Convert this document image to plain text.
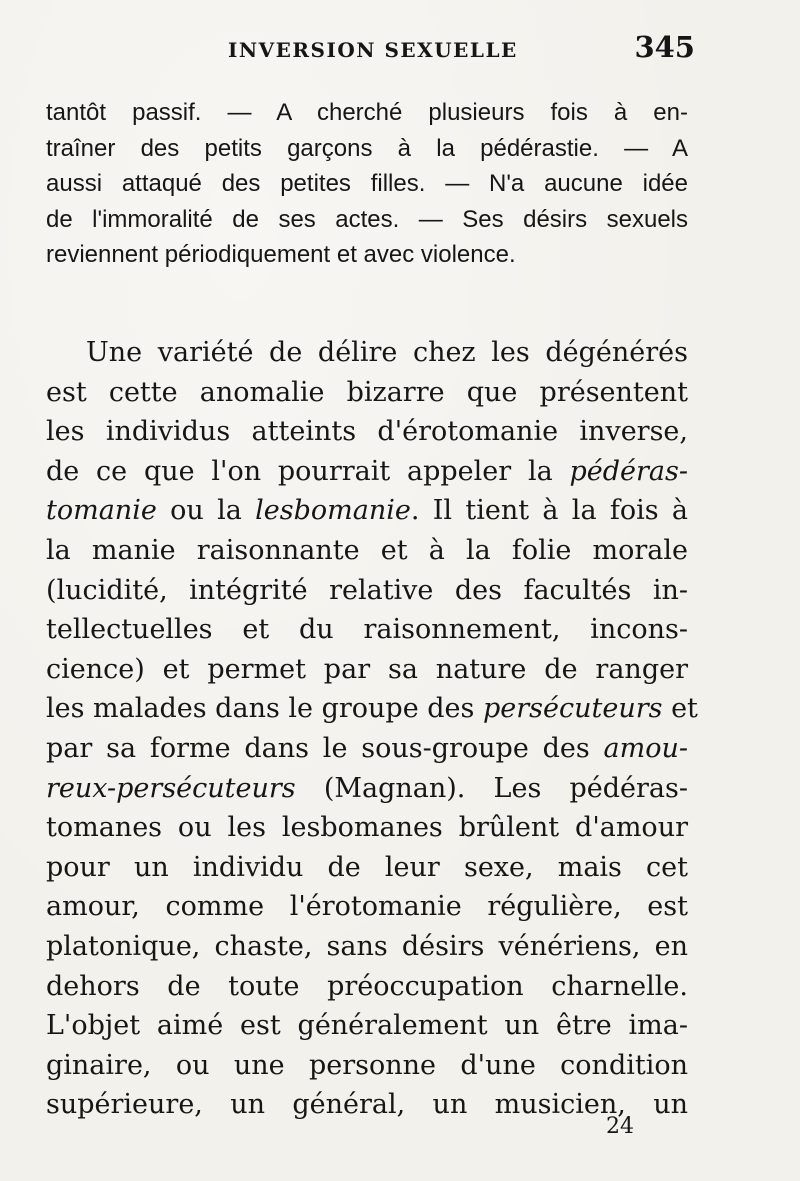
INVERSION SEXUELLE	345
tantôt passif. — A cherché plusieurs fois à en-
traîner des petits garçons à la pédérastie. — A
aussi attaqué des petites filles. — N'a aucune idée
de l'immoralité de ses actes. — Ses désirs sexuels
reviennent périodiquement et avec violence.
Une variété de délire chez les dégénérés
est cette anomalie bizarre que présentent
les individus atteints d'érotomanie inverse,
de ce que l'on pourrait appeler la pédéras-
tomanie ou la lesbomanie. Il tient à la fois à
la manie raisonnante et à la folie morale
(lucidité, intégrité relative des facultés in-
tellectuelles et du raisonnement, incons-
cience) et permet par sa nature de ranger
les malades dans le groupe des persécuteurs et
par sa forme dans le sous-groupe des amou-
reux-persécuteurs (Magnan). Les pédéras-
tomanes ou les lesbomanes brûlent d'amour
pour un individu de leur sexe, mais cet
amour, comme l'érotomanie régulière, est
platonique, chaste, sans désirs vénériens, en
dehors de toute préoccupation charnelle.
L'objet aimé est généralement un être ima-
ginaire, ou une personne d'une condition
supérieure, un général, un musicien, un
24
